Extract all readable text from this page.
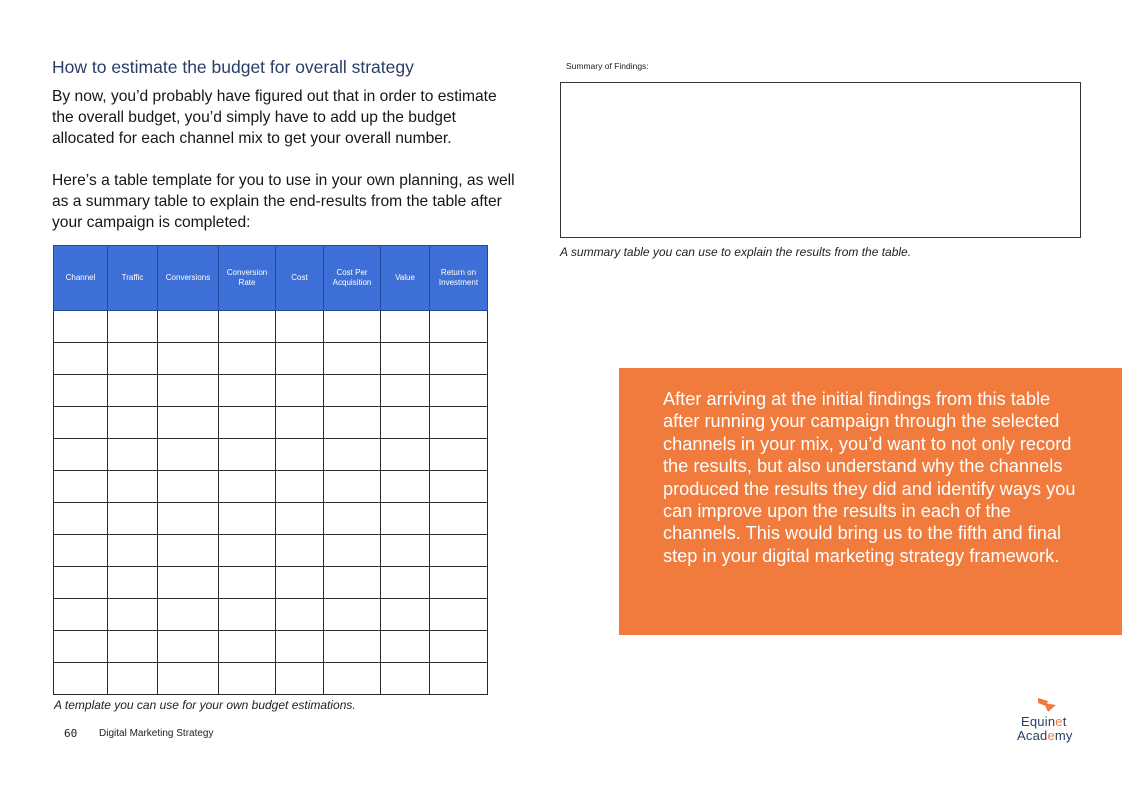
How to estimate the budget for overall strategy

By now, you’d probably have figured out that in order to estimate the overall budget, you’d simply have to add up the budget allocated for each channel mix to get your overall number.

Here’s a table template for you to use in your own planning, as well as a summary table to explain the end-results from the table after your campaign is completed:

Channel	Traffic	Conversions	Conversion Rate	Cost	Cost Per Acquisition	Value	Return on Investment

A template you can use for your own budget estimations.
60 Digital Marketing Strategy
Summary of Findings:
A summary table you can use to explain the results from the table.
After arriving at the initial findings from this table after running your campaign through the selected channels in your mix, you’d want to not only record the results, but also understand why the channels produced the results they did and identify ways you can improve upon the results in each of the channels. This would bring us to the fifth and final step in your digital marketing strategy framework.
Equinet
Academy
